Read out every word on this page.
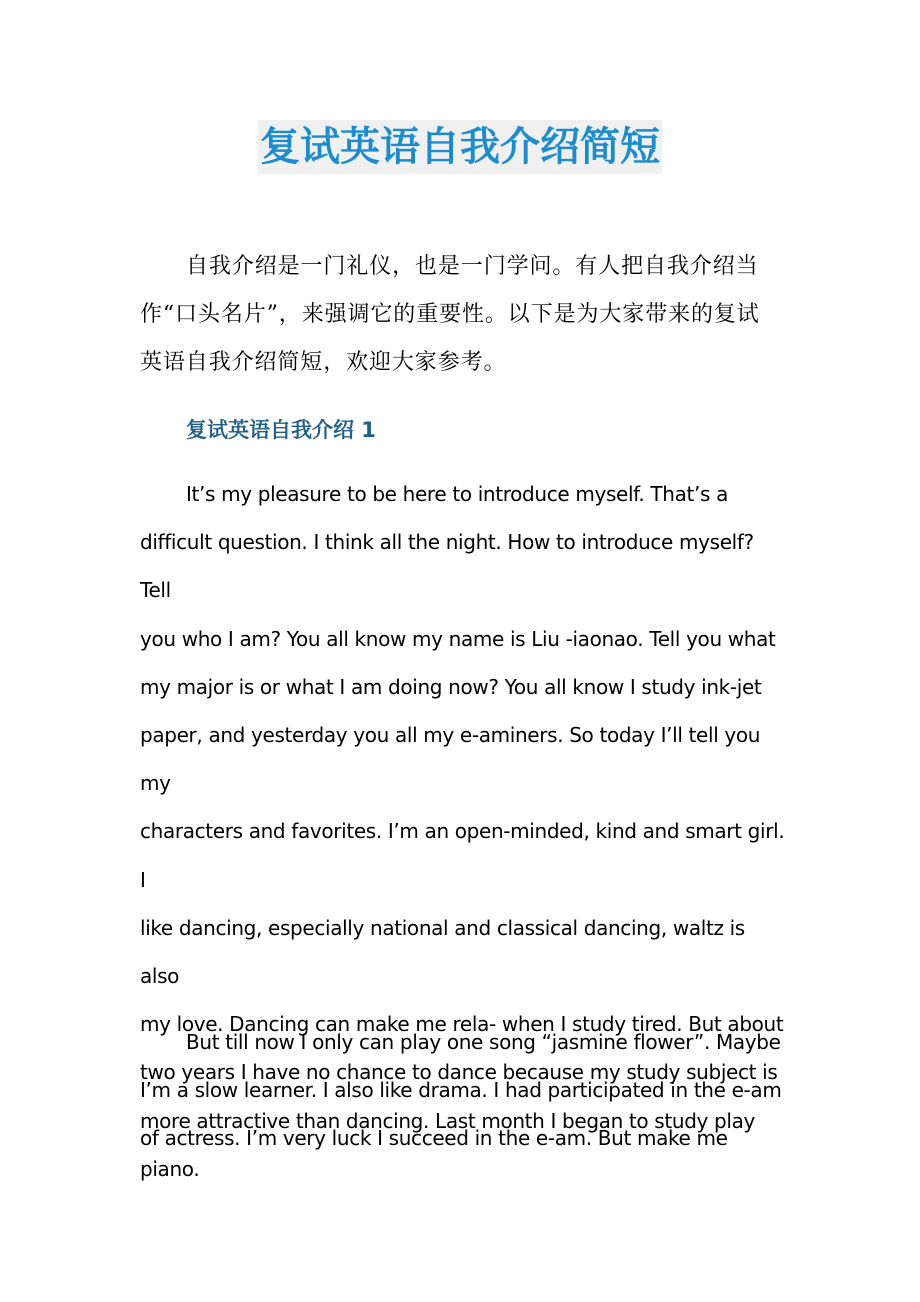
复试英语自我介绍简短

自我介绍是一门礼仪，也是一门学问。有人把自我介绍当
作“口头名片”，来强调它的重要性。以下是为大家带来的复试
英语自我介绍简短，欢迎大家参考。

复试英语自我介绍 1

It’s my pleasure to be here to introduce myself. That’s a
difficult question. I think all the night. How to introduce myself? Tell
you who I am? You all know my name is Liu -iaonao. Tell you what
my major is or what I am doing now? You all know I study ink-jet
paper, and yesterday you all my e-aminers. So today I’ll tell you my
characters and favorites. I’m an open-minded, kind and smart girl. I
like dancing, especially national and classical dancing, waltz is also
my love. Dancing can make me rela- when I study tired. But about
two years I have no chance to dance because my study subject is
more attractive than dancing. Last month I began to study play
piano.

But till now I only can play one song “jasmine flower”. Maybe
I’m a slow learner. I also like drama. I had participated in the e-am
of actress. I’m very luck I succeed in the e-am. But make me
